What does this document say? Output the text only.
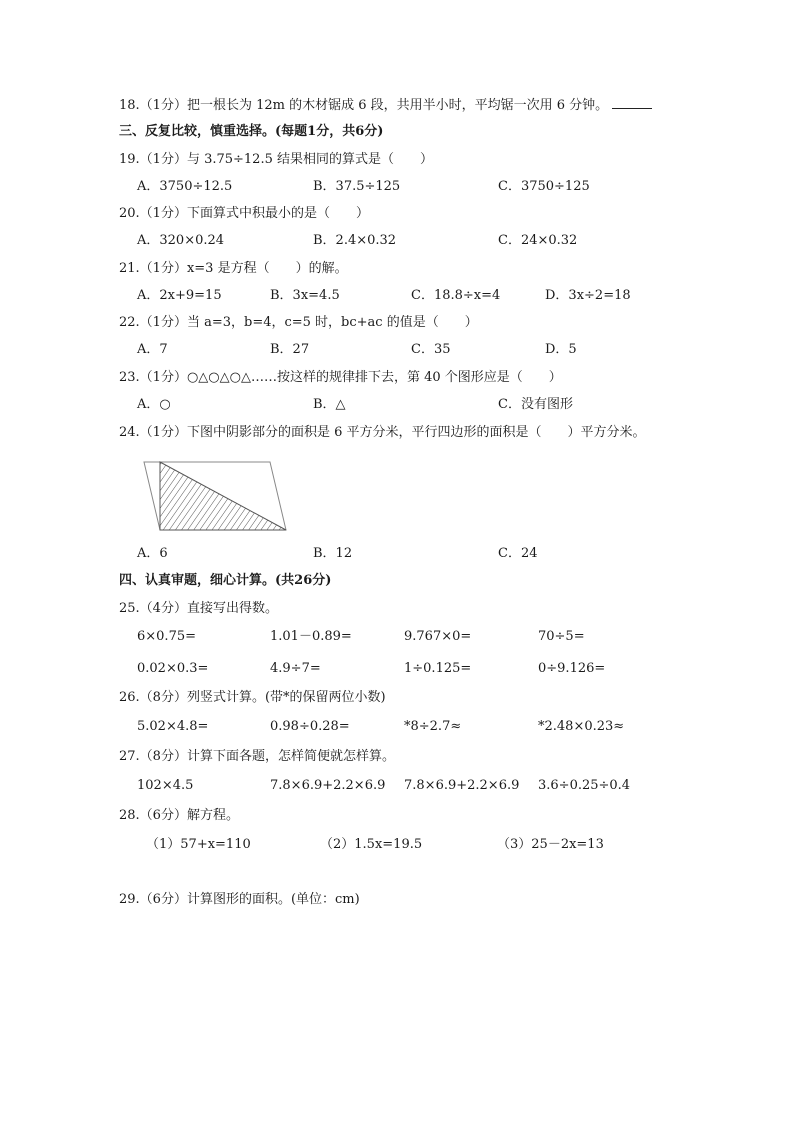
18.（1分）把一根长为 12m 的木材锯成 6 段，共用半小时，平均锯一次用 6 分钟。
三、反复比较，慎重选择。(每题1分，共6分)
19.（1分）与 3.75÷12.5 结果相同的算式是（　　）
A．3750÷12.5	B．37.5÷125	C．3750÷125
20.（1分）下面算式中积最小的是（　　）
A．320×0.24	B．2.4×0.32	C．24×0.32
21.（1分）x=3 是方程（　　）的解。
A．2x+9=15	B．3x=4.5	C．18.8÷x=4	D．3x÷2=18
22.（1分）当 a=3，b=4，c=5 时，bc+ac 的值是（　　）
A．7	B．27	C．35	D．5
23.（1分）○△○△○△……按这样的规律排下去，第 40 个图形应是（　　）
A．○	B．△	C．没有图形
24.（1分）下图中阴影部分的面积是 6 平方分米，平行四边形的面积是（　　）平方分米。
A．6	B．12	C．24
四、认真审题，细心计算。(共26分)
25.（4分）直接写出得数。
6×0.75=	1.01－0.89=	9.767×0=	70÷5=
0.02×0.3=	4.9÷7=	1÷0.125=	0÷9.126=
26.（8分）列竖式计算。(带*的保留两位小数)
5.02×4.8=	0.98÷0.28=	*8÷2.7≈	*2.48×0.23≈
27.（8分）计算下面各题，怎样简便就怎样算。
102×4.5	7.8×6.9+2.2×6.9 7.8×6.9+2.2×6.9 3.6÷0.25÷0.4
28.（6分）解方程。
（1）57+x=110	（2）1.5x=19.5	（3）25－2x=13
29.（6分）计算图形的面积。(单位：cm)
